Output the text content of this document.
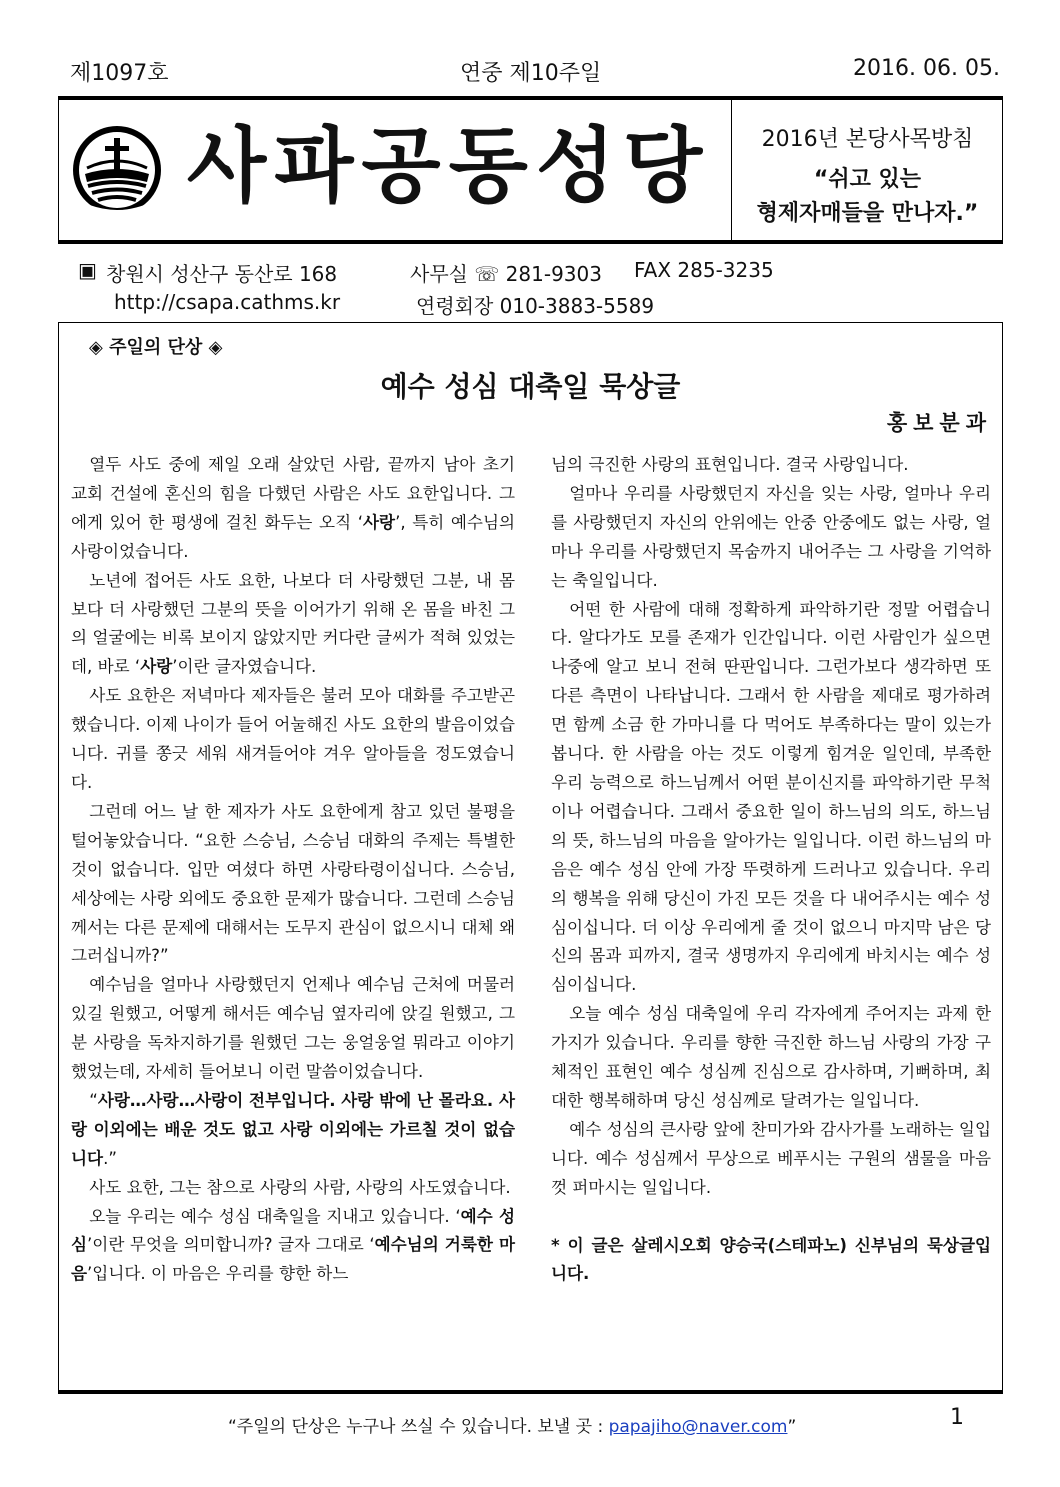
제1097호	연중 제10주일	2016. 06. 05.
사파공동성당	2016년 본당사목방침
“쉬고 있는
형제자매들을 만나자.”
▣ 창원시 성산구 동산로 168	사무실 ☏ 281-9303 FAX 285-3235
http://csapa.cathms.kr	연령회장 010-3883-5589
◈ 주일의 단상 ◈
예수 성심 대축일 묵상글
홍보분과

열두 사도 중에 제일 오래 살았던 사람, 끝까지 남아 초기 교회 건설에 혼신의 힘을 다했던 사람은 사도 요한입니다. 그에게 있어 한 평생에 걸친 화두는 오직 ‘사랑’, 특히 예수님의 사랑이었습니다.

노년에 접어든 사도 요한, 나보다 더 사랑했던 그분, 내 몸보다 더 사랑했던 그분의 뜻을 이어가기 위해 온 몸을 바친 그의 얼굴에는 비록 보이지 않았지만 커다란 글씨가 적혀 있었는데, 바로 ‘사랑’이란 글자였습니다.

사도 요한은 저녁마다 제자들은 불러 모아 대화를 주고받곤 했습니다. 이제 나이가 들어 어눌해진 사도 요한의 발음이었습니다. 귀를 쫑긋 세워 새겨들어야 겨우 알아들을 정도였습니다.

그런데 어느 날 한 제자가 사도 요한에게 참고 있던 불평을 털어놓았습니다. “요한 스승님, 스승님 대화의 주제는 특별한 것이 없습니다. 입만 여셨다 하면 사랑타령이십니다. 스승님, 세상에는 사랑 외에도 중요한 문제가 많습니다. 그런데 스승님께서는 다른 문제에 대해서는 도무지 관심이 없으시니 대체 왜 그러십니까?”

예수님을 얼마나 사랑했던지 언제나 예수님 근처에 머물러있길 원했고, 어떻게 해서든 예수님 옆자리에 앉길 원했고, 그분 사랑을 독차지하기를 원했던 그는 웅얼웅얼 뭐라고 이야기했었는데, 자세히 들어보니 이런 말씀이었습니다.

“사랑…사랑…사랑이 전부입니다. 사랑 밖에 난 몰라요. 사랑 이외에는 배운 것도 없고 사랑 이외에는 가르칠 것이 없습니다.”

사도 요한, 그는 참으로 사랑의 사람, 사랑의 사도였습니다.

오늘 우리는 예수 성심 대축일을 지내고 있습니다. ‘예수 성심’이란 무엇을 의미합니까? 글자 그대로 ‘예수님의 거룩한 마음’입니다. 이 마음은 우리를 향한 하느

님의 극진한 사랑의 표현입니다. 결국 사랑입니다.

얼마나 우리를 사랑했던지 자신을 잊는 사랑, 얼마나 우리를 사랑했던지 자신의 안위에는 안중 안중에도 없는 사랑, 얼마나 우리를 사랑했던지 목숨까지 내어주는 그 사랑을 기억하는 축일입니다.

어떤 한 사람에 대해 정확하게 파악하기란 정말 어렵습니다. 알다가도 모를 존재가 인간입니다. 이런 사람인가 싶으면 나중에 알고 보니 전혀 딴판입니다. 그런가보다 생각하면 또 다른 측면이 나타납니다. 그래서 한 사람을 제대로 평가하려면 함께 소금 한 가마니를 다 먹어도 부족하다는 말이 있는가 봅니다. 한 사람을 아는 것도 이렇게 힘겨운 일인데, 부족한 우리 능력으로 하느님께서 어떤 분이신지를 파악하기란 무척이나 어렵습니다. 그래서 중요한 일이 하느님의 의도, 하느님의 뜻, 하느님의 마음을 알아가는 일입니다. 이런 하느님의 마음은 예수 성심 안에 가장 뚜렷하게 드러나고 있습니다. 우리의 행복을 위해 당신이 가진 모든 것을 다 내어주시는 예수 성심이십니다. 더 이상 우리에게 줄 것이 없으니 마지막 남은 당신의 몸과 피까지, 결국 생명까지 우리에게 바치시는 예수 성심이십니다.

오늘 예수 성심 대축일에 우리 각자에게 주어지는 과제 한 가지가 있습니다. 우리를 향한 극진한 하느님 사랑의 가장 구체적인 표현인 예수 성심께 진심으로 감사하며, 기뻐하며, 최대한 행복해하며 당신 성심께로 달려가는 일입니다.

예수 성심의 큰사랑 앞에 찬미가와 감사가를 노래하는 일입니다. 예수 성심께서 무상으로 베푸시는 구원의 샘물을 마음껏 퍼마시는 일입니다.

* 이 글은 살레시오회 양승국(스테파노) 신부님의 묵상글입니다.

“주일의 단상은 누구나 쓰실 수 있습니다. 보낼 곳 : papajiho@naver.com”	1
